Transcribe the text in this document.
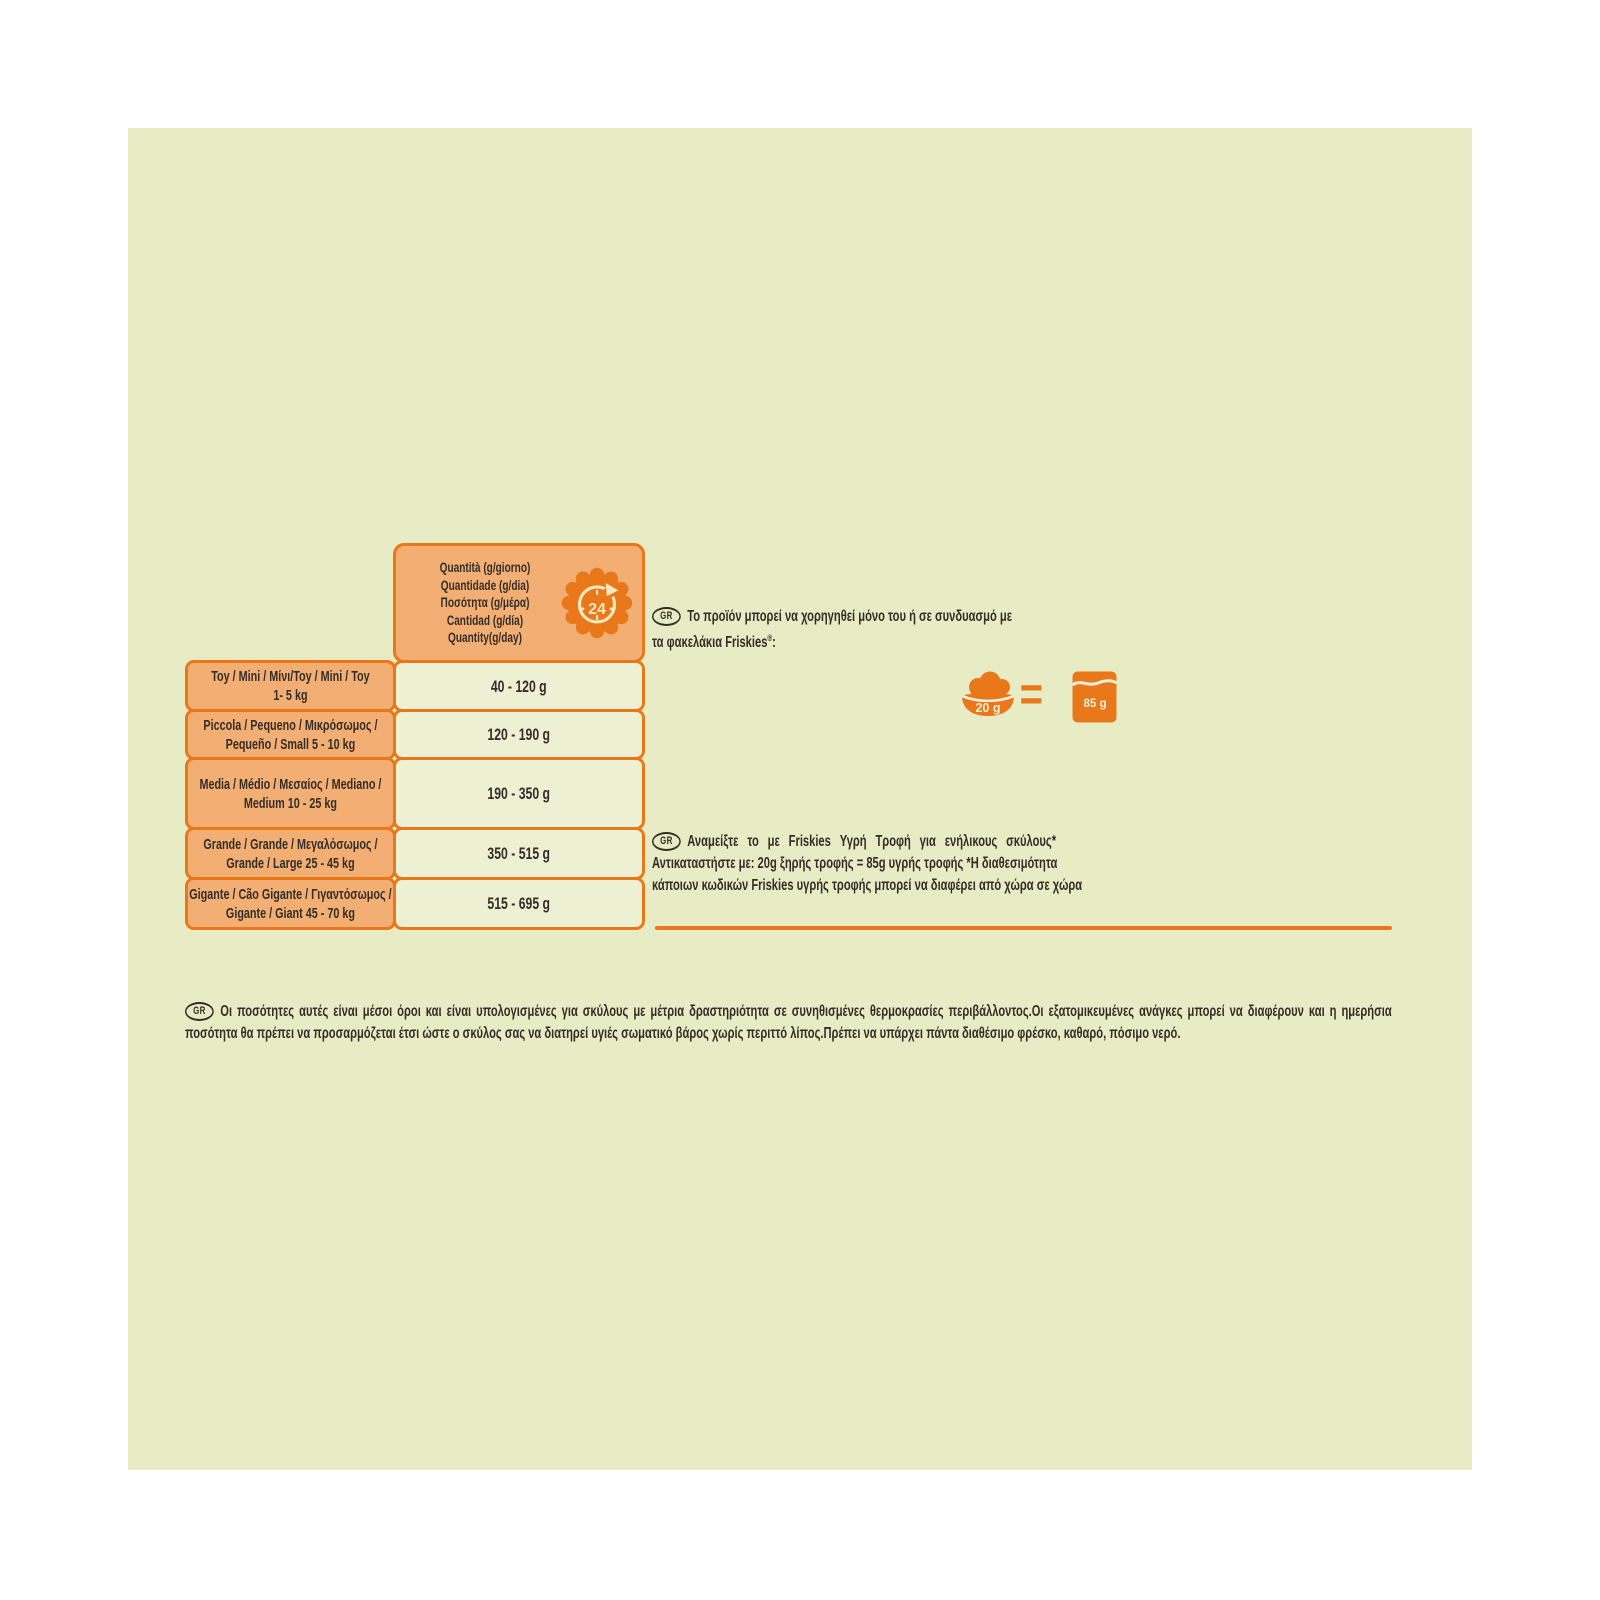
Quantità (g/giorno)
Quantidade (g/dia)
Ποσότητα (g/μέρα)
Cantidad (g/día)
Quantity(g/day)
24
Toy / Mini / Μίνι/Toy / Mini / Toy
1- 5 kg	40 - 120 g
Piccola / Pequeno / Μικρόσωμος /
Pequeño / Small 5 - 10 kg	120 - 190 g
Media / Médio / Μεσαίος / Mediano /
Medium 10 - 25 kg	190 - 350 g
Grande / Grande / Μεγαλόσωμος /
Grande / Large 25 - 45 kg	350 - 515 g
Gigante / Cão Gigante / Γιγαντόσωμος /
Gigante / Giant 45 - 70 kg	515 - 695 g
GR Το προϊόν μπορεί να χορηγηθεί μόνο του ή σε συνδυασμό με
τα φακελάκια Friskies®:
20 g =	85 g
GR Αναμείξτε το με Friskies Υγρή Τροφή για ενήλικους σκύλους*
Αντικαταστήστε με: 20g ξηρής τροφής = 85g υγρής τροφής *Η διαθεσιμότητα
κάποιων κωδικών Friskies υγρής τροφής μπορεί να διαφέρει από χώρα σε χώρα
GR Οι ποσότητες αυτές είναι μέσοι όροι και είναι υπολογισμένες για σκύλους με μέτρια δραστηριότητα σε συνηθισμένες θερμοκρασίες περιβάλλοντος.Οι εξατομικευμένες ανάγκες μπορεί να διαφέρουν και η ημερήσια ποσότητα θα πρέπει να προσαρμόζεται έτσι ώστε ο σκύλος σας να διατηρεί υγιές σωματικό βάρος χωρίς περιττό λίπος.Πρέπει να υπάρχει πάντα διαθέσιμο φρέσκο, καθαρό, πόσιμο νερό.
